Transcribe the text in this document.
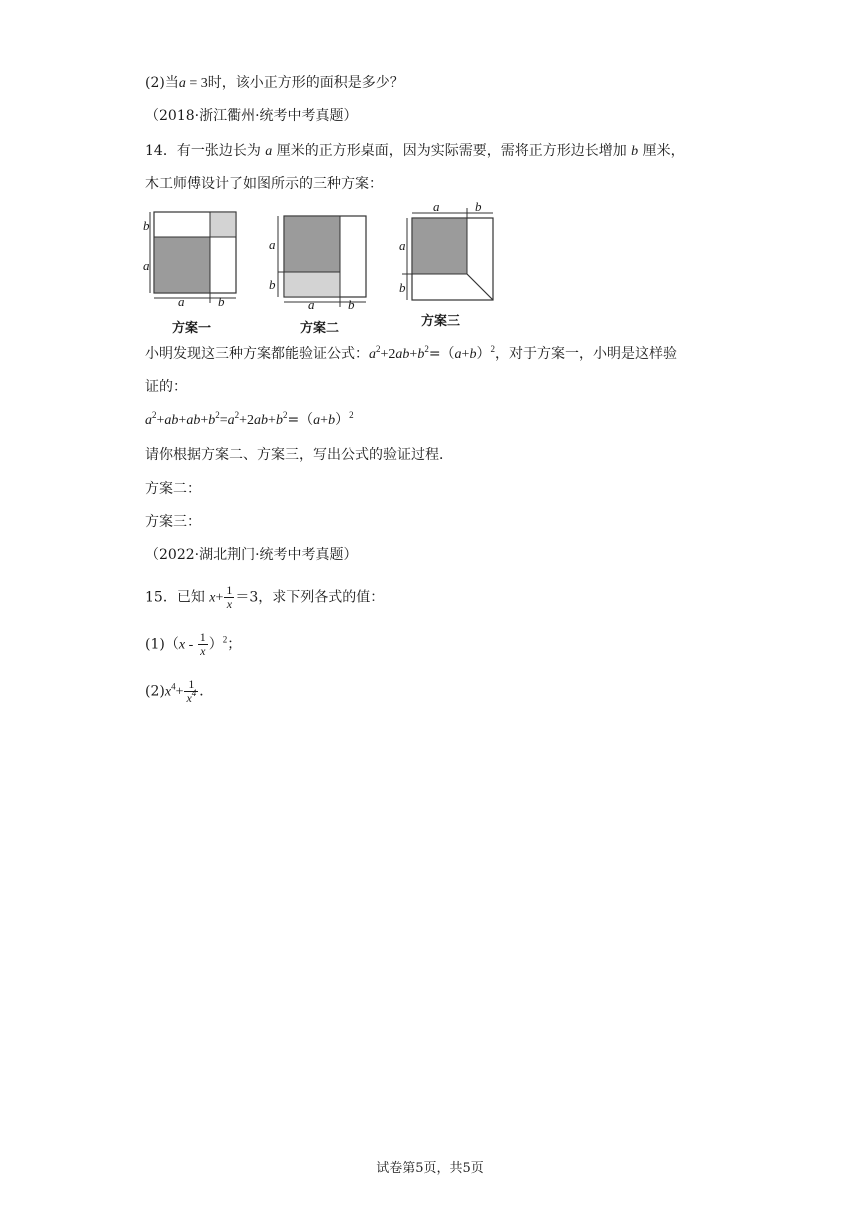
(2)当a = 3时，该小正方形的面积是多少？
（2018·浙江衢州·统考中考真题）
14．有一张边长为 a 厘米的正方形桌面，因为实际需要，需将正方形边长增加 b 厘米，
木工师傅设计了如图所示的三种方案：
b
a
a	b
方案一
a
b
a	b
方案二
a	b
a
b
方案三
小明发现这三种方案都能验证公式：$a^2+2ab+b^2=(a+b)^2$，对于方案一，小明是这样验
证的：
$a^2+ab+ab+b^2=a^2+2ab+b^2=(a+b)^2$
请你根据方案二、方案三，写出公式的验证过程．
方案二：
方案三：
（2022·湖北荆门·统考中考真题）
15．已知 $x+ \frac{1}{x} =3$，求下列各式的值：
$(1)(x - \frac{1}{x} )^2$；
$(2)x^4+ \frac{1}{x^4}$ ．
试卷第5页，共5页
